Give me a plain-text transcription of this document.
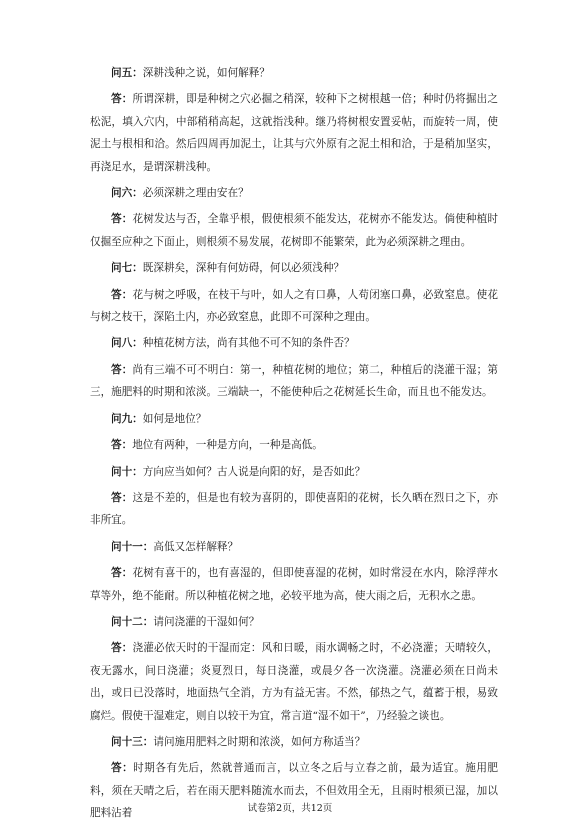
问五：深耕浅种之说，如何解释？

答：所谓深耕，即是种树之穴必掘之稍深，较种下之树根越一倍；种时仍将掘出之松泥，填入穴内，中部稍稍高起，这就指浅种。继乃将树根安置妥帖，而旋转一周，使泥土与根相和洽。然后四周再加泥土，让其与穴外原有之泥土相和洽，于是稍加坚实，再浇足水，是谓深耕浅种。

问六：必须深耕之理由安在？

答：花树发达与否，全靠乎根，假使根须不能发达，花树亦不能发达。倘使种植时仅掘至应种之下面止，则根须不易发展，花树即不能繁荣，此为必须深耕之理由。

问七：既深耕矣，深种有何妨碍，何以必须浅种？

答：花与树之呼吸，在枝干与叶，如人之有口鼻，人苟闭塞口鼻，必致窒息。使花与树之枝干，深陷土内，亦必致窒息，此即不可深种之理由。

问八：种植花树方法，尚有其他不可不知的条件否？

答：尚有三端不可不明白：第一，种植花树的地位；第二，种植后的浇灌干湿；第三，施肥料的时期和浓淡。三端缺一，不能使种后之花树延长生命，而且也不能发达。

问九：如何是地位？

答：地位有两种，一种是方向，一种是高低。

问十：方向应当如何？古人说是向阳的好，是否如此？

答：这是不差的，但是也有较为喜阴的，即使喜阳的花树，长久晒在烈日之下，亦非所宜。

问十一：高低又怎样解释？

答：花树有喜干的，也有喜湿的，但即使喜湿的花树，如时常浸在水内，除浮萍水草等外，绝不能耐。所以种植花树之地，必较平地为高，使大雨之后，无积水之患。

问十二：请问浇灌的干湿如何？

答：浇灌必依天时的干湿而定：风和日暖，雨水调畅之时，不必浇灌；天晴较久，夜无露水，间日浇灌；炎夏烈日，每日浇灌，或晨夕各一次浇灌。浇灌必须在日尚未出，或日已没落时，地面热气全消，方为有益无害。不然，郁热之气，蕴蓄于根，易致腐烂。假使干湿难定，则自以较干为宜，常言道“湿不如干”，乃经验之谈也。

问十三：请问施用肥料之时期和浓淡，如何方称适当？

答：时期各有先后，然就普通而言，以立冬之后与立春之前，最为适宜。施用肥料，须在天晴之后，若在雨天肥料随流水而去，不但效用全无，且雨时根须已湿，加以肥料沾着	试卷第2页，共12页
